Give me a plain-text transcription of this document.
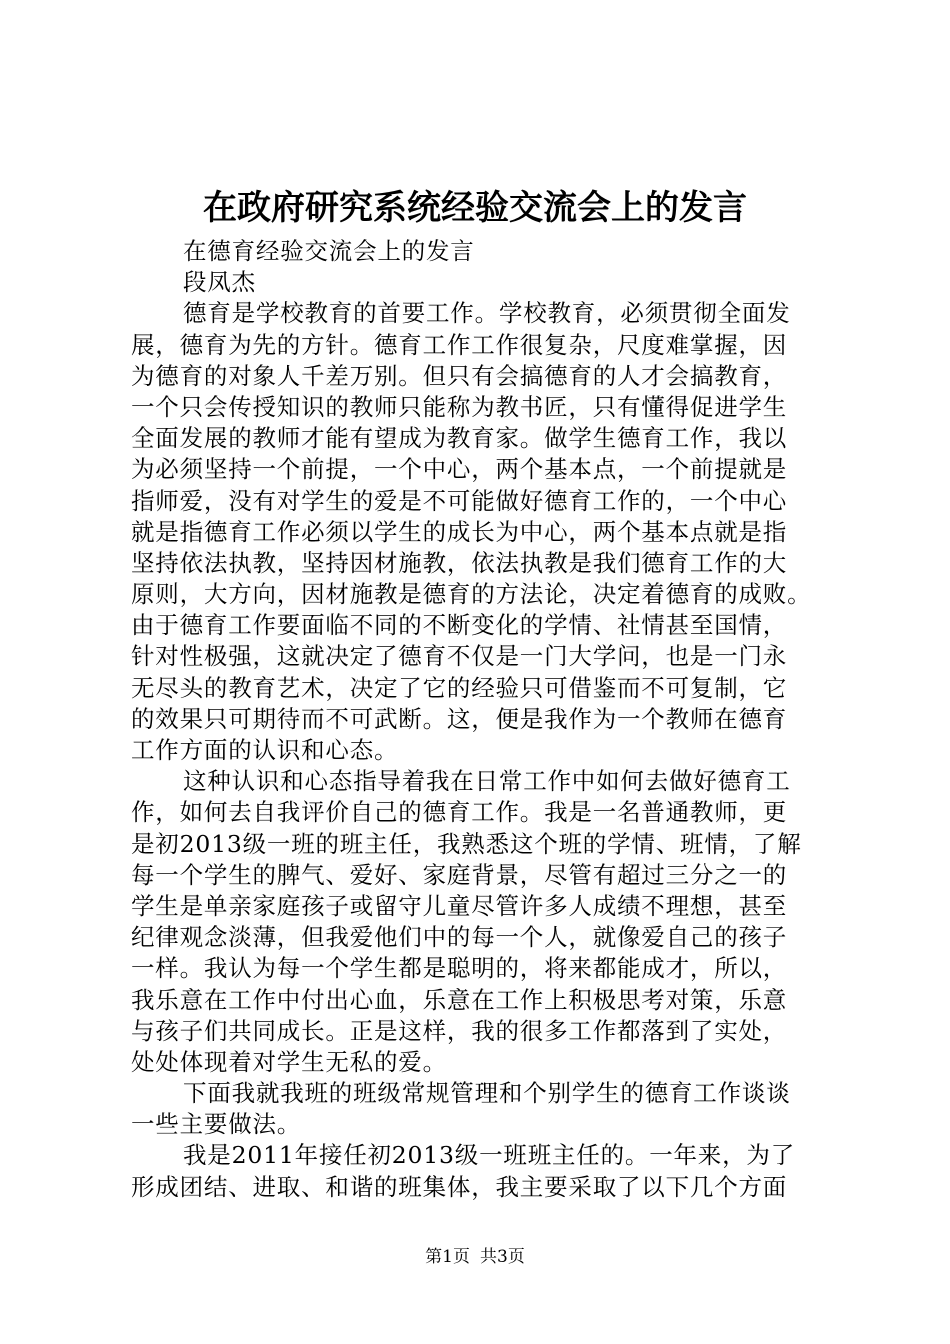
在政府研究系统经验交流会上的发言
在德育经验交流会上的发言
段凤杰
德育是学校教育的首要工作。学校教育，必须贯彻全面发
展，德育为先的方针。德育工作工作很复杂，尺度难掌握，因
为德育的对象人千差万别。但只有会搞德育的人才会搞教育，
一个只会传授知识的教师只能称为教书匠，只有懂得促进学生
全面发展的教师才能有望成为教育家。做学生德育工作，我以
为必须坚持一个前提，一个中心，两个基本点，一个前提就是
指师爱，没有对学生的爱是不可能做好德育工作的，一个中心
就是指德育工作必须以学生的成长为中心，两个基本点就是指
坚持依法执教，坚持因材施教，依法执教是我们德育工作的大
原则，大方向，因材施教是德育的方法论，决定着德育的成败。
由于德育工作要面临不同的不断变化的学情、社情甚至国情，
针对性极强，这就决定了德育不仅是一门大学问，也是一门永
无尽头的教育艺术，决定了它的经验只可借鉴而不可复制，它
的效果只可期待而不可武断。这，便是我作为一个教师在德育
工作方面的认识和心态。
这种认识和心态指导着我在日常工作中如何去做好德育工
作，如何去自我评价自己的德育工作。我是一名普通教师，更
是初2013级一班的班主任，我熟悉这个班的学情、班情，了解
每一个学生的脾气、爱好、家庭背景，尽管有超过三分之一的
学生是单亲家庭孩子或留守儿童尽管许多人成绩不理想，甚至
纪律观念淡薄，但我爱他们中的每一个人，就像爱自己的孩子
一样。我认为每一个学生都是聪明的，将来都能成才，所以，
我乐意在工作中付出心血，乐意在工作上积极思考对策，乐意
与孩子们共同成长。正是这样，我的很多工作都落到了实处，
处处体现着对学生无私的爱。
下面我就我班的班级常规管理和个别学生的德育工作谈谈
一些主要做法。
我是2011年接任初2013级一班班主任的。一年来，为了
形成团结、进取、和谐的班集体，我主要采取了以下几个方面
第1页 共3页
